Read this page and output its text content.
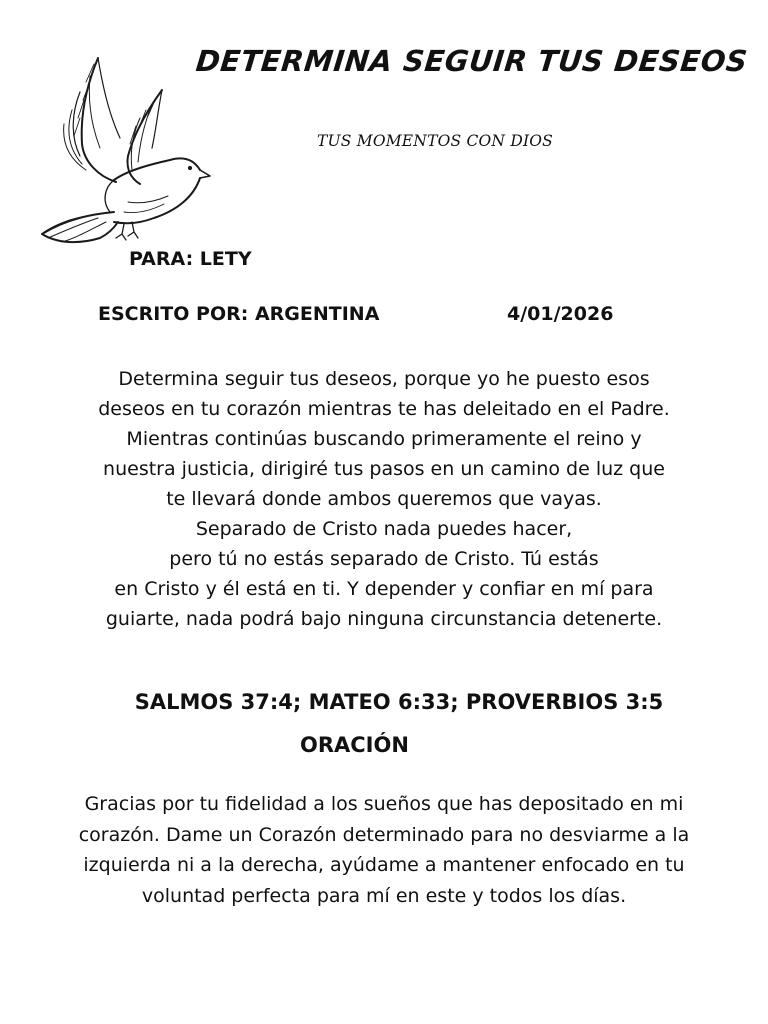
DETERMINA SEGUIR TUS DESEOS
TUS MOMENTOS CON DIOS
PARA: LETY
ESCRITO POR: ARGENTINA	4/01/2026
Determina seguir tus deseos, porque yo he puesto esos
deseos en tu corazón mientras te has deleitado en el Padre.
Mientras continúas buscando primeramente el reino y
nuestra justicia, dirigiré tus pasos en un camino de luz que
te llevará donde ambos queremos que vayas.
Separado de Cristo nada puedes hacer,
pero tú no estás separado de Cristo. Tú estás
en Cristo y él está en ti. Y depender y confiar en mí para
guiarte, nada podrá bajo ninguna circunstancia detenerte.
SALMOS 37:4; MATEO 6:33; PROVERBIOS 3:5
ORACIÓN
Gracias por tu fidelidad a los sueños que has depositado en mi
corazón. Dame un Corazón determinado para no desviarme a la
izquierda ni a la derecha, ayúdame a mantener enfocado en tu
voluntad perfecta para mí en este y todos los días.
